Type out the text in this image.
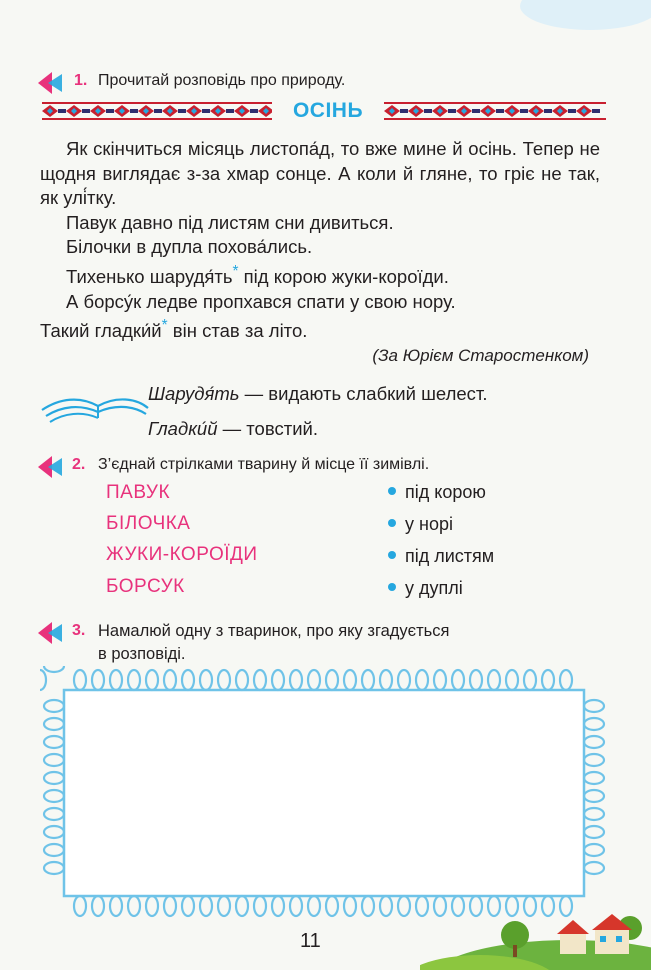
1. Прочитай розповідь про природу.
ОСІНЬ

Як скінчиться місяць листопа́д, то вже мине й осінь. Тепер не щодня виглядає з-за хмар сонце. А коли й гляне, то гріє не так, як улі́тку.

Павук давно під листям сни дивиться.

Білочки в дупла похова́лись.

Тихенько шарудя́ть* під корою жуки-короїди.

А борсу́к ледве пропхався спати у свою нору.

Такий гладки́й* він став за літо.

(За Юрієм Старостенком)
Шарудя́ть — видають слабкий шелест.
Гладки́й — товстий.
2. З’єднай стрілками тварину й місце її зимівлі.
ПАВУК
БІЛОЧКА
ЖУКИ-КОРОЇДИ
БОРСУК
під корою
у норі
під листям
у дуплі
3. Намалюй одну з тваринок, про яку згадується
в розповіді.
11
